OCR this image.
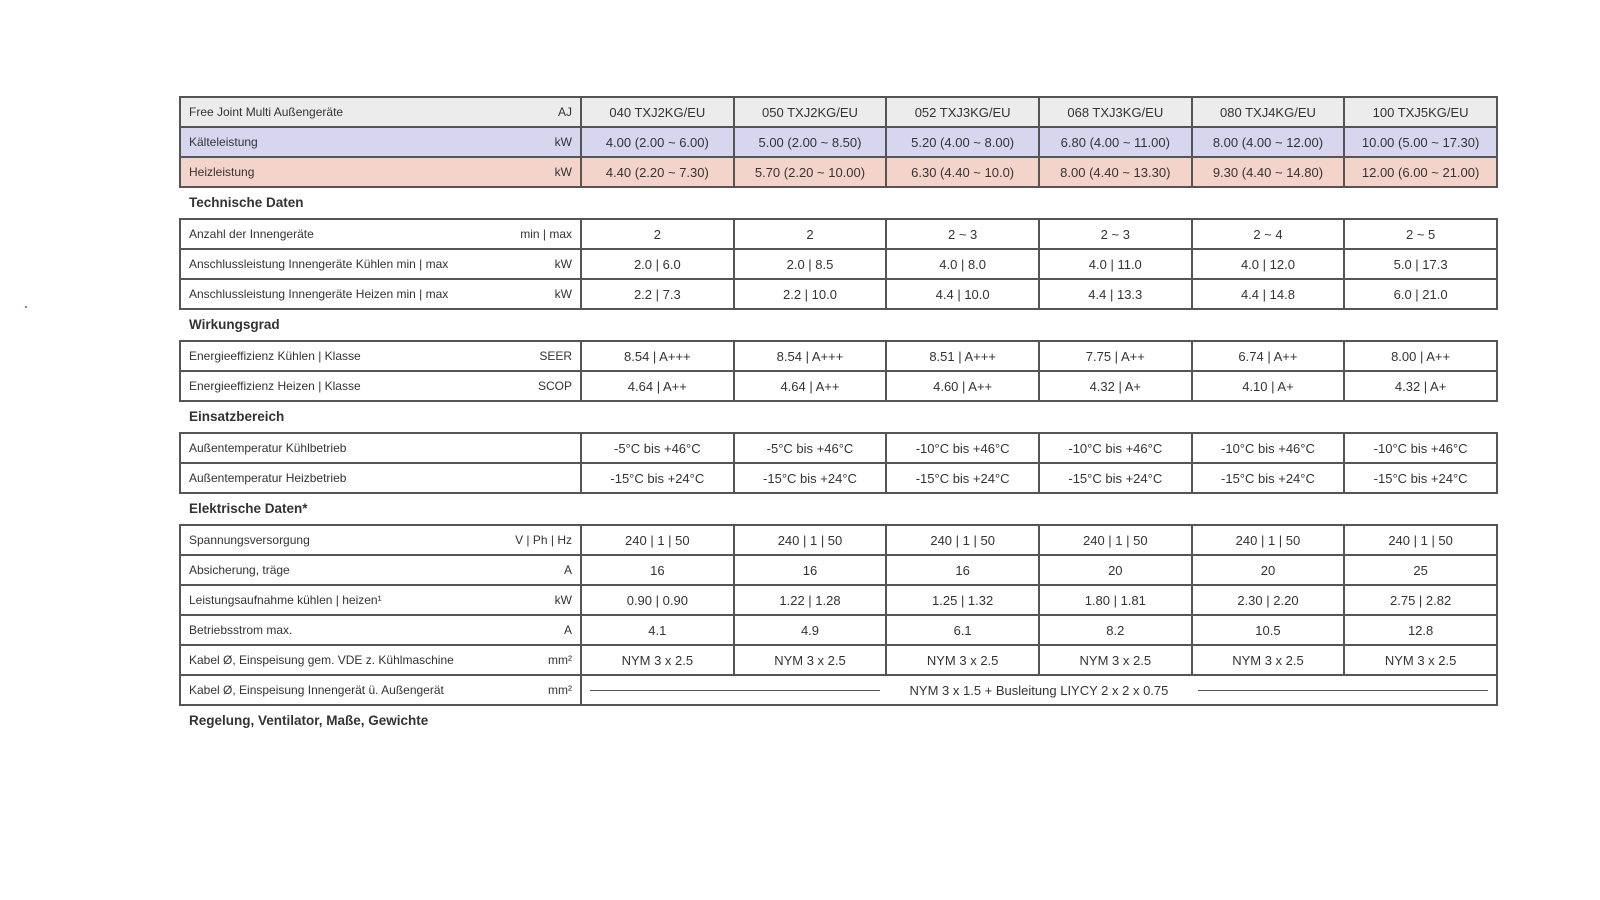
Free Joint Multi Außengeräte AJ	040 TXJ2KG/EU	050 TXJ2KG/EU	052 TXJ3KG/EU	068 TXJ3KG/EU	080 TXJ4KG/EU	100 TXJ5KG/EU

Kälteleistung kW	4.00 (2.00 ~ 6.00)	5.00 (2.00 ~ 8.50)	5.20 (4.00 ~ 8.00)	6.80 (4.00 ~ 11.00)	8.00 (4.00 ~ 12.00)	10.00 (5.00 ~ 17.30)

Heizleistung kW	4.40 (2.20 ~ 7.30)	5.70 (2.20 ~ 10.00)	6.30 (4.40 ~ 10.0)	8.00 (4.40 ~ 13.30)	9.30 (4.40 ~ 14.80)	12.00 (6.00 ~ 21.00)
Technische Daten
Anzahl der Innengeräte min | max	2	2	2 ~ 3	2 ~ 3	2 ~ 4	2 ~ 5

Anschlussleistung Innengeräte Kühlen min | max kW	2.0 | 6.0	2.0 | 8.5	4.0 | 8.0	4.0 | 11.0	4.0 | 12.0	5.0 | 17.3

Anschlussleistung Innengeräte Heizen min | max kW	2.2 | 7.3	2.2 | 10.0	4.4 | 10.0	4.4 | 13.3	4.4 | 14.8	6.0 | 21.0
Wirkungsgrad
Energieeffizienz Kühlen | Klasse SEER	8.54 | A+++	8.54 | A+++	8.51 | A+++	7.75 | A++	6.74 | A++	8.00 | A++

Energieeffizienz Heizen | Klasse SCOP	4.64 | A++	4.64 | A++	4.60 | A++	4.32 | A+	4.10 | A+	4.32 | A+
Einsatzbereich
Außentemperatur Kühlbetrieb	-5°C bis +46°C	-5°C bis +46°C	-10°C bis +46°C	-10°C bis +46°C	-10°C bis +46°C	-10°C bis +46°C

Außentemperatur Heizbetrieb	-15°C bis +24°C	-15°C bis +24°C	-15°C bis +24°C	-15°C bis +24°C	-15°C bis +24°C	-15°C bis +24°C
Elektrische Daten*
Spannungsversorgung V | Ph | Hz	240 | 1 | 50	240 | 1 | 50	240 | 1 | 50	240 | 1 | 50	240 | 1 | 50	240 | 1 | 50

Absicherung, träge A	16	16	16	20	20	25

Leistungsaufnahme kühlen | heizen¹ kW	0.90 | 0.90	1.22 | 1.28	1.25 | 1.32	1.80 | 1.81	2.30 | 2.20	2.75 | 2.82

Betriebsstrom max. A	4.1	4.9	6.1	8.2	10.5	12.8

Kabel Ø, Einspeisung gem. VDE z. Kühlmaschine mm²	NYM 3 x 2.5	NYM 3 x 2.5	NYM 3 x 2.5	NYM 3 x 2.5	NYM 3 x 2.5	NYM 3 x 2.5

Kabel Ø, Einspeisung Innengerät ü. Außengerät mm²	NYM 3 x 1.5 + Busleitung LIYCY 2 x 2 x 0.75					
Regelung, Ventilator, Maße, Gewichte
